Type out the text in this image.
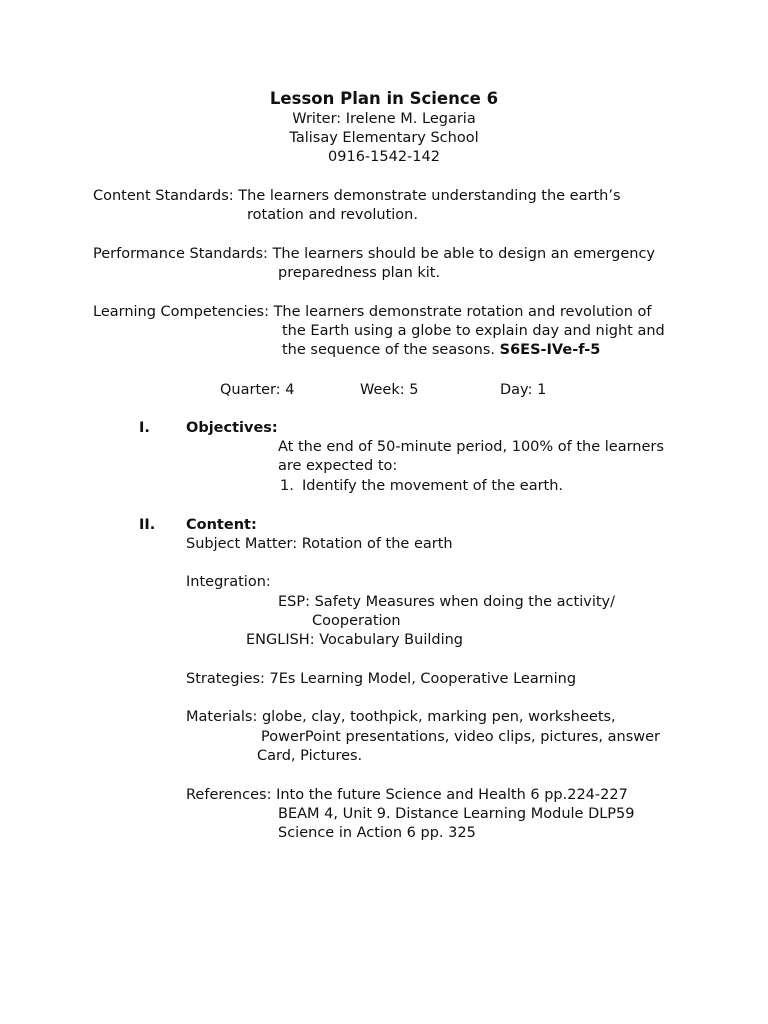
Lesson Plan in Science 6
Writer: Irelene M. Legaria
Talisay Elementary School
0916-1542-142
Content Standards: The learners demonstrate understanding the earth’s
rotation and revolution.
Performance Standards: The learners should be able to design an emergency
preparedness plan kit.
Learning Competencies: The learners demonstrate rotation and revolution of
the Earth using a globe to explain day and night and
the sequence of the seasons. S6ES-IVe-f-5
Quarter: 4	Week: 5	Day: 1
I. Objectives:
At the end of 50-minute period, 100% of the learners
are expected to:
1. Identify the movement of the earth.
II. Content:
Subject Matter: Rotation of the earth
Integration:
ESP: Safety Measures when doing the activity/
Cooperation
ENGLISH: Vocabulary Building
Strategies: 7Es Learning Model, Cooperative Learning
Materials: globe, clay, toothpick, marking pen, worksheets,
PowerPoint presentations, video clips, pictures, answer
Card, Pictures.
References: Into the future Science and Health 6 pp.224-227
BEAM 4, Unit 9. Distance Learning Module DLP59
Science in Action 6 pp. 325
